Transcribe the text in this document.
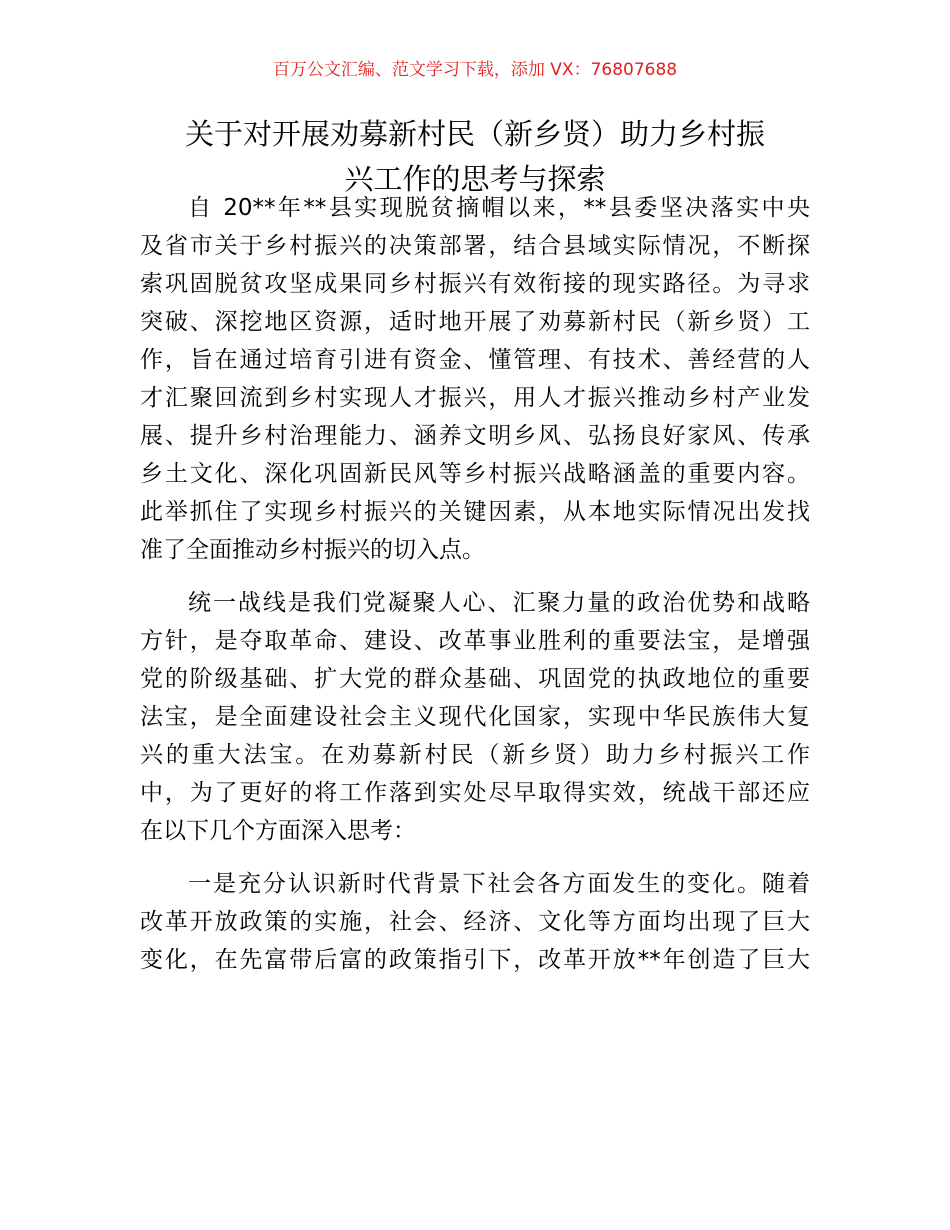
百万公文汇编、范文学习下载，添加 VX：76807688
关于对开展劝募新村民（新乡贤）助力乡村振
兴工作的思考与探索
自 20**年**县实现脱贫摘帽以来，**县委坚决落实中央
及省市关于乡村振兴的决策部署，结合县域实际情况，不断探
索巩固脱贫攻坚成果同乡村振兴有效衔接的现实路径。为寻求
突破、深挖地区资源，适时地开展了劝募新村民（新乡贤）工
作，旨在通过培育引进有资金、懂管理、有技术、善经营的人
才汇聚回流到乡村实现人才振兴，用人才振兴推动乡村产业发
展、提升乡村治理能力、涵养文明乡风、弘扬良好家风、传承
乡土文化、深化巩固新民风等乡村振兴战略涵盖的重要内容。
此举抓住了实现乡村振兴的关键因素，从本地实际情况出发找
准了全面推动乡村振兴的切入点。
统一战线是我们党凝聚人心、汇聚力量的政治优势和战略
方针，是夺取革命、建设、改革事业胜利的重要法宝，是增强
党的阶级基础、扩大党的群众基础、巩固党的执政地位的重要
法宝，是全面建设社会主义现代化国家，实现中华民族伟大复
兴的重大法宝。在劝募新村民（新乡贤）助力乡村振兴工作
中，为了更好的将工作落到实处尽早取得实效，统战干部还应
在以下几个方面深入思考：
一是充分认识新时代背景下社会各方面发生的变化。随着
改革开放政策的实施，社会、经济、文化等方面均出现了巨大
变化，在先富带后富的政策指引下，改革开放**年创造了巨大
